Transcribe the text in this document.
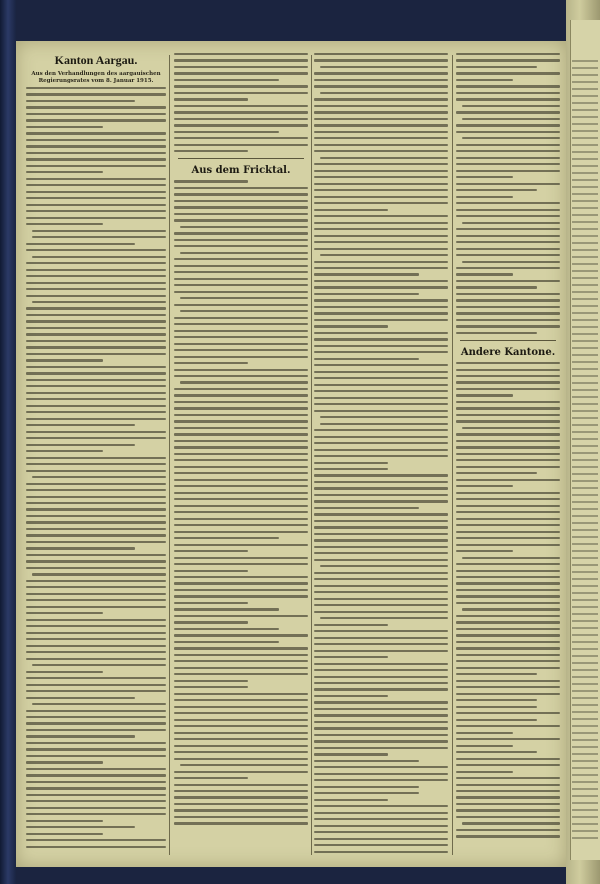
Kanton Aargau.
Aus den Verhandlungen des aargauischen Regierungsrates vom 8. Januar 1915.
Aus dem Fricktal.
Andere Kantone.
